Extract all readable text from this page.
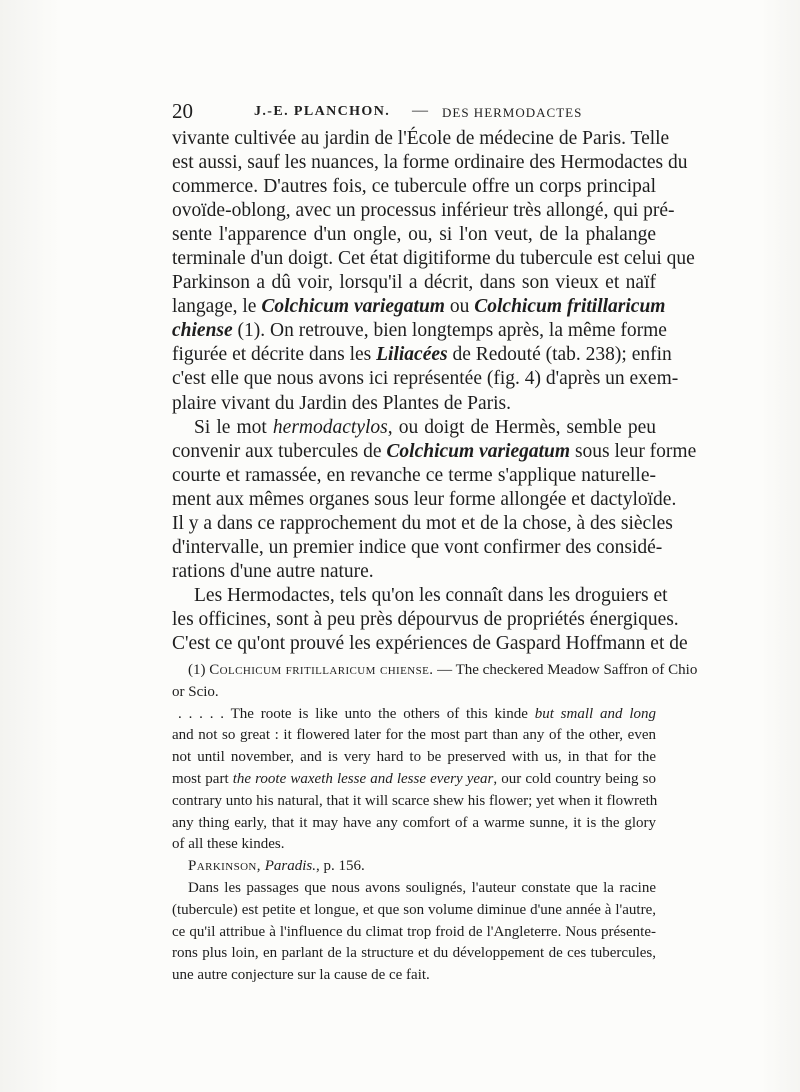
20	J.-E. PLANCHON. — DES HERMODACTES
vivante cultivée au jardin de l'École de médecine de Paris. Telle
est aussi, sauf les nuances, la forme ordinaire des Hermodactes du
commerce. D'autres fois, ce tubercule offre un corps principal
ovoïde-oblong, avec un processus inférieur très allongé, qui pré-
sente l'apparence d'un ongle, ou, si l'on veut, de la phalange
terminale d'un doigt. Cet état digitiforme du tubercule est celui que
Parkinson a dû voir, lorsqu'il a décrit, dans son vieux et naïf
langage, le Colchicum variegatum ou Colchicum fritillaricum
chiense (1). On retrouve, bien longtemps après, la même forme
figurée et décrite dans les Liliacées de Redouté (tab. 238); enfin
c'est elle que nous avons ici représentée (fig. 4) d'après un exem-
plaire vivant du Jardin des Plantes de Paris.
Si le mot hermodactylos, ou doigt de Hermès, semble peu
convenir aux tubercules de Colchicum variegatum sous leur forme
courte et ramassée, en revanche ce terme s'applique naturelle-
ment aux mêmes organes sous leur forme allongée et dactyloïde.
Il y a dans ce rapprochement du mot et de la chose, à des siècles
d'intervalle, un premier indice que vont confirmer des considé-
rations d'une autre nature.
Les Hermodactes, tels qu'on les connaît dans les droguiers et
les officines, sont à peu près dépourvus de propriétés énergiques.
C'est ce qu'ont prouvé les expériences de Gaspard Hoffmann et de
(1) Colchicum fritillaricum chiense. — The checkered Meadow Saffron of Chio
or Scio.
. . . . . The roote is like unto the others of this kinde but small and long
and not so great : it flowered later for the most part than any of the other, even
not until november, and is very hard to be preserved with us, in that for the
most part the roote waxeth lesse and lesse every year, our cold country being so
contrary unto his natural, that it will scarce shew his flower; yet when it flowreth
any thing early, that it may have any comfort of a warme sunne, it is the glory
of all these kindes.
Parkinson, Paradis., p. 156.
Dans les passages que nous avons soulignés, l'auteur constate que la racine
(tubercule) est petite et longue, et que son volume diminue d'une année à l'autre,
ce qu'il attribue à l'influence du climat trop froid de l'Angleterre. Nous présente-
rons plus loin, en parlant de la structure et du développement de ces tubercules,
une autre conjecture sur la cause de ce fait.
